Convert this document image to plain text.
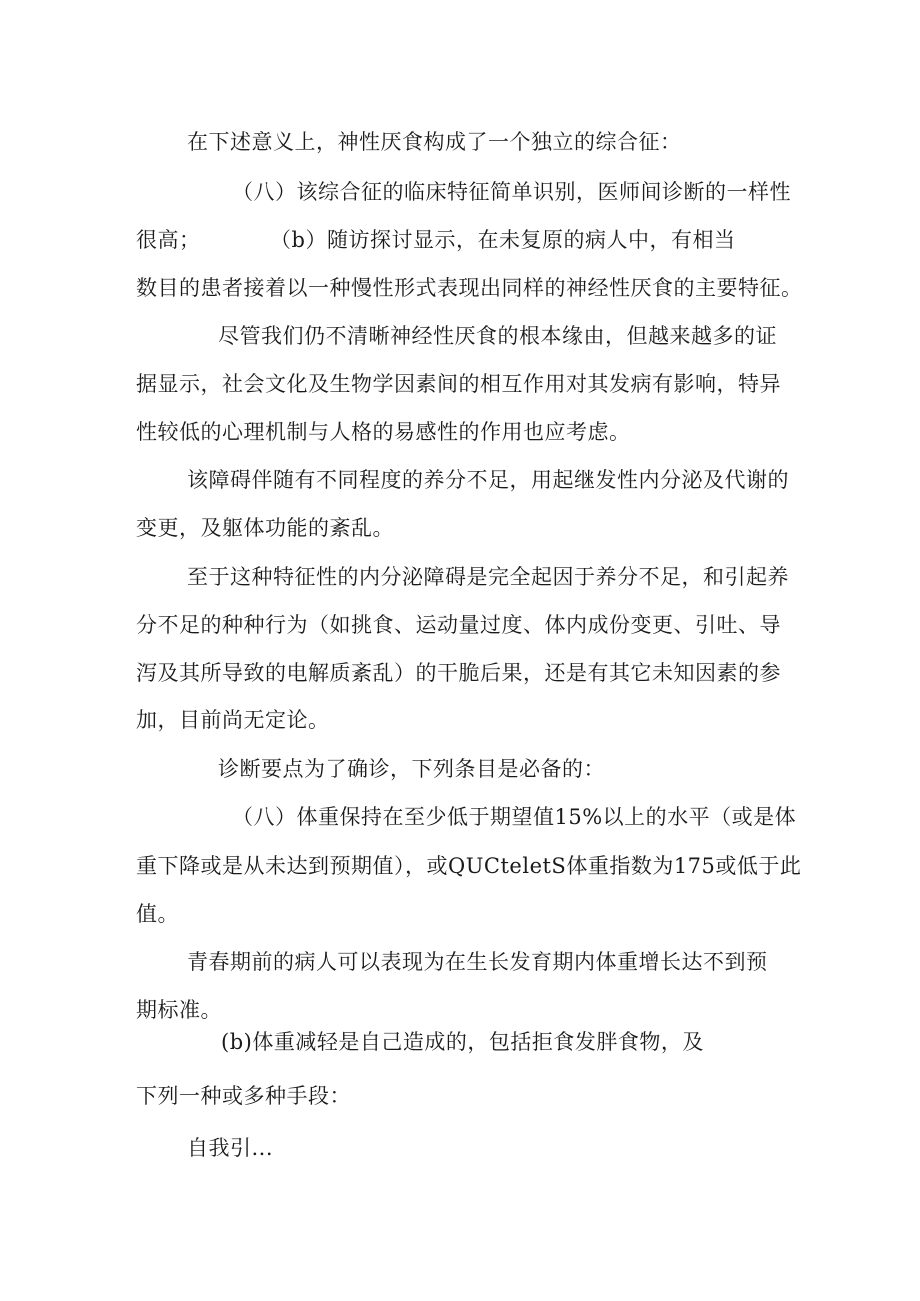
在下述意义上，神性厌食构成了一个独立的综合征：
（八）该综合征的临床特征简单识别，医师间诊断的一样性
很高；	（b）随访探讨显示，在未复原的病人中，有相当
数目的患者接着以一种慢性形式表现出同样的神经性厌食的主要特征。
尽管我们仍不清晰神经性厌食的根本缘由，但越来越多的证
据显示，社会文化及生物学因素间的相互作用对其发病有影响，特异
性较低的心理机制与人格的易感性的作用也应考虑。
该障碍伴随有不同程度的养分不足，用起继发性内分泌及代谢的
变更，及躯体功能的紊乱。
至于这种特征性的内分泌障碍是完全起因于养分不足，和引起养
分不足的种种行为（如挑食、运动量过度、体内成份变更、引吐、导
泻及其所导致的电解质紊乱）的干脆后果，还是有其它未知因素的参
加，目前尚无定论。
诊断要点为了确诊，下列条目是必备的：
（八）体重保持在至少低于期望值15%以上的水平（或是体
重下降或是从未达到预期值），或QUCteletS体重指数为175或低于此
值。
青春期前的病人可以表现为在生长发育期内体重增长达不到预
期标准。
(b)体重减轻是自己造成的，包括拒食发胖食物，及
下列一种或多种手段：
自我引...
